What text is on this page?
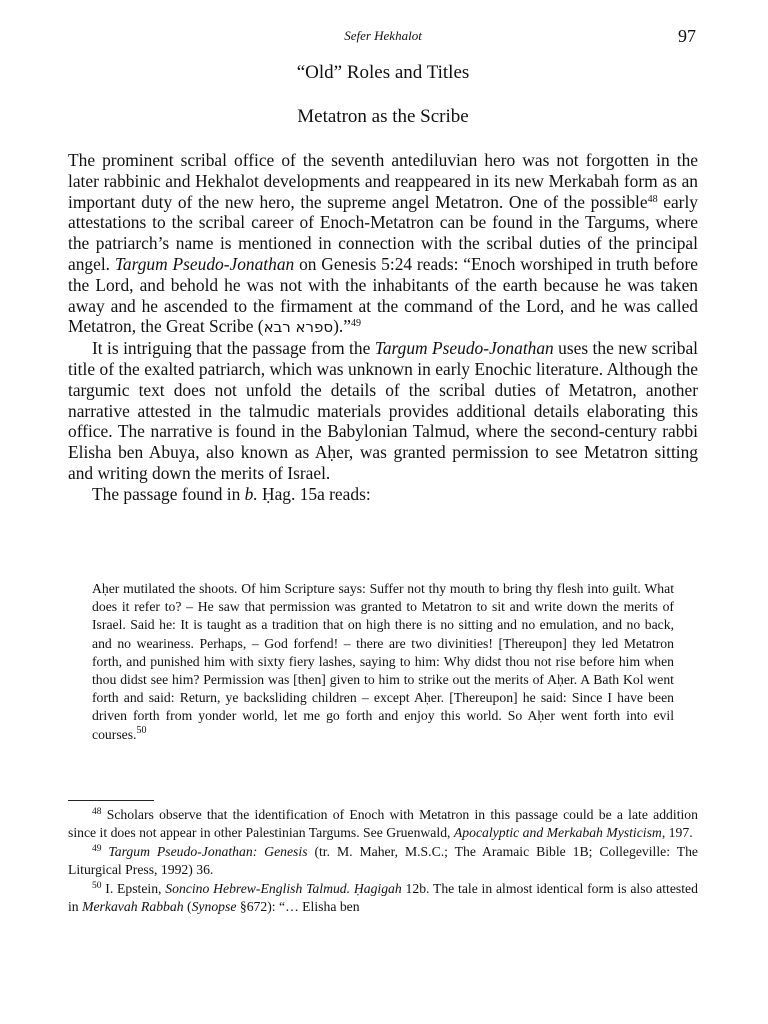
Sefer Hekhalot	97
“Old” Roles and Titles
Metatron as the Scribe

The prominent scribal office of the seventh antediluvian hero was not forgotten in the later rabbinic and Hekhalot developments and reappeared in its new Merkabah form as an important duty of the new hero, the supreme angel Metatron. One of the possible$^{48}$ early attestations to the scribal career of Enoch-Metatron can be found in the Targums, where the patriarch’s name is mentioned in connection with the scribal duties of the principal angel. Targum Pseudo-Jonathan on Genesis 5:24 reads: “Enoch worshiped in truth before the Lord, and behold he was not with the inhabitants of the earth because he was taken away and he ascended to the firmament at the command of the Lord, and he was called Metatron, the Great Scribe (ספרא רבא).”$^{49}$

It is intriguing that the passage from the Targum Pseudo-Jonathan uses the new scribal title of the exalted patriarch, which was unknown in early Enochic literature. Although the targumic text does not unfold the details of the scribal duties of Metatron, another narrative attested in the talmudic materials provides additional details elaborating this office. The narrative is found in the Babylonian Talmud, where the second-century rabbi Elisha ben Abuya, also known as Aḥer, was granted permission to see Metatron sitting and writing down the merits of Israel.

The passage found in b. Ḥag. 15a reads:

Aḥer mutilated the shoots. Of him Scripture says: Suffer not thy mouth to bring thy flesh into guilt. What does it refer to? – He saw that permission was granted to Metatron to sit and write down the merits of Israel. Said he: It is taught as a tradition that on high there is no sitting and no emulation, and no back, and no weariness. Perhaps, – God forfend! – there are two divinities! [Thereupon] they led Metatron forth, and punished him with sixty fiery lashes, saying to him: Why didst thou not rise before him when thou didst see him? Permission was [then] given to him to strike out the merits of Aḥer. A Bath Kol went forth and said: Return, ye backsliding children – except Aḥer. [Thereupon] he said: Since I have been driven forth from yonder world, let me go forth and enjoy this world. So Aḥer went forth into evil courses.$^{50}$

$^{48}$ Scholars observe that the identification of Enoch with Metatron in this passage could be a late addition since it does not appear in other Palestinian Targums. See Gruenwald, Apocalyptic and Merkabah Mysticism, 197.

$^{49}$ Targum Pseudo-Jonathan: Genesis (tr. M. Maher, M.S.C.; The Aramaic Bible 1B; Collegeville: The Liturgical Press, 1992) 36.

$^{50}$ I. Epstein, Soncino Hebrew-English Talmud. Ḥagigah 12b. The tale in almost identical form is also attested in Merkavah Rabbah (Synopse §672): “… Elisha ben
